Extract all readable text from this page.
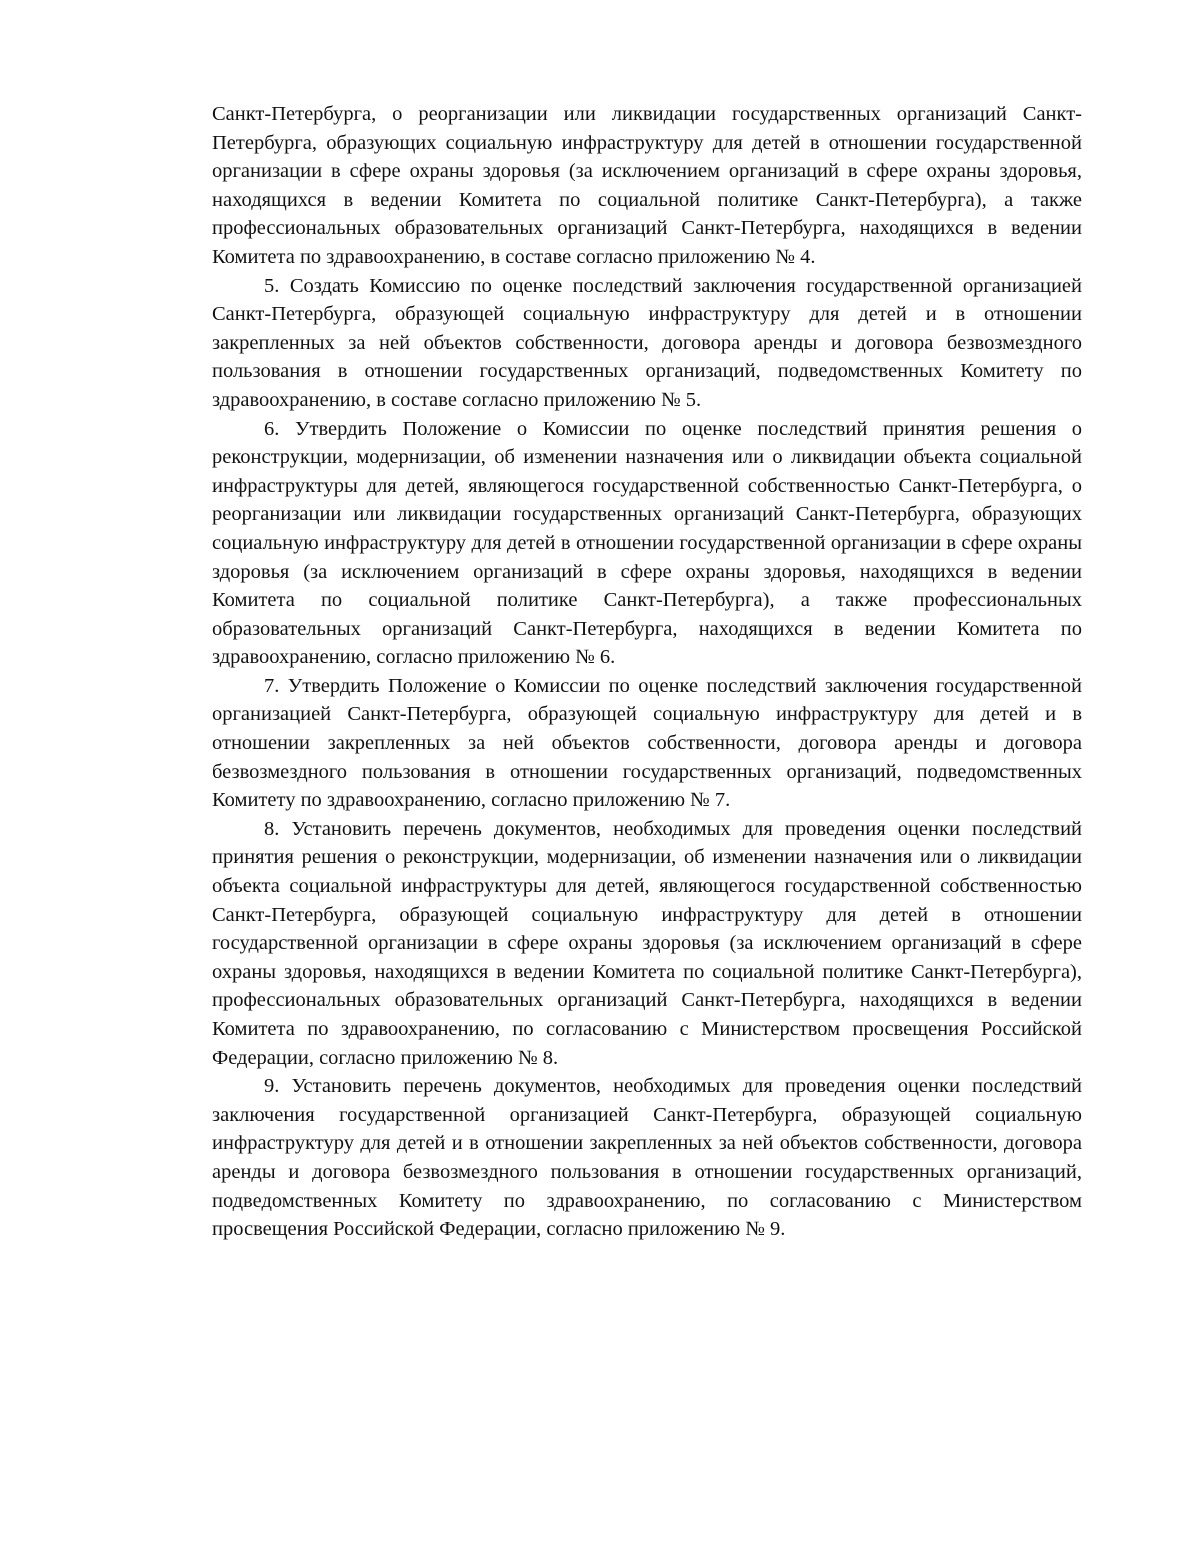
Санкт-Петербурга, о реорганизации или ликвидации государственных организаций Санкт-Петербурга, образующих социальную инфраструктуру для детей в отношении государственной организации в сфере охраны здоровья (за исключением организаций в сфере охраны здоровья, находящихся в ведении Комитета по социальной политике Санкт-Петербурга), а также профессиональных образовательных организаций Санкт-Петербурга, находящихся в ведении Комитета по здравоохранению, в составе согласно приложению № 4.

5. Создать Комиссию по оценке последствий заключения государственной организацией Санкт-Петербурга, образующей социальную инфраструктуру для детей и в отношении закрепленных за ней объектов собственности, договора аренды и договора безвозмездного пользования в отношении государственных организаций, подведомственных Комитету по здравоохранению, в составе согласно приложению № 5.

6. Утвердить Положение о Комиссии по оценке последствий принятия решения о реконструкции, модернизации, об изменении назначения или о ликвидации объекта социальной инфраструктуры для детей, являющегося государственной собственностью Санкт-Петербурга, о реорганизации или ликвидации государственных организаций Санкт-Петербурга, образующих социальную инфраструктуру для детей в отношении государственной организации в сфере охраны здоровья (за исключением организаций в сфере охраны здоровья, находящихся в ведении Комитета по социальной политике Санкт-Петербурга), а также профессиональных образовательных организаций Санкт-Петербурга, находящихся в ведении Комитета по здравоохранению, согласно приложению № 6.

7. Утвердить Положение о Комиссии по оценке последствий заключения государственной организацией Санкт-Петербурга, образующей социальную инфраструктуру для детей и в отношении закрепленных за ней объектов собственности, договора аренды и договора безвозмездного пользования в отношении государственных организаций, подведомственных Комитету по здравоохранению, согласно приложению № 7.

8. Установить перечень документов, необходимых для проведения оценки последствий принятия решения о реконструкции, модернизации, об изменении назначения или о ликвидации объекта социальной инфраструктуры для детей, являющегося государственной собственностью Санкт-Петербурга, образующей социальную инфраструктуру для детей в отношении государственной организации в сфере охраны здоровья (за исключением организаций в сфере охраны здоровья, находящихся в ведении Комитета по социальной политике Санкт-Петербурга), профессиональных образовательных организаций Санкт-Петербурга, находящихся в ведении Комитета по здравоохранению, по согласованию с Министерством просвещения Российской Федерации, согласно приложению № 8.

9. Установить перечень документов, необходимых для проведения оценки последствий заключения государственной организацией Санкт-Петербурга, образующей социальную инфраструктуру для детей и в отношении закрепленных за ней объектов собственности, договора аренды и договора безвозмездного пользования в отношении государственных организаций, подведомственных Комитету по здравоохранению, по согласованию с Министерством просвещения Российской Федерации, согласно приложению № 9.
